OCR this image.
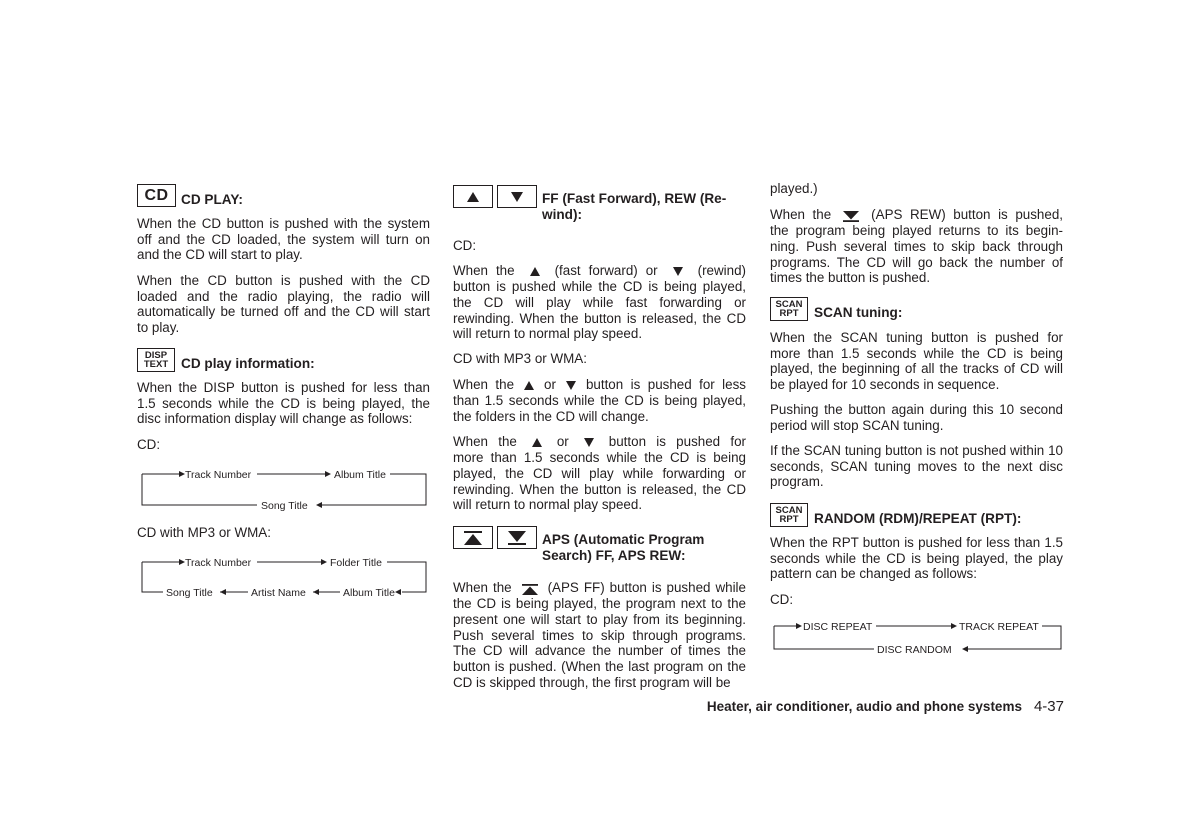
CD CD PLAY:

When the CD button is pushed with the system off and the CD loaded, the system will turn on and the CD will start to play.

When the CD button is pushed with the CD loaded and the radio playing, the radio will automatically be turned off and the CD will start to play.

DISP
TEXT CD play information:

When the DISP button is pushed for less than 1.5 seconds while the CD is being played, the disc information display will change as follows:

CD:

Track Number	Album Title
Song Title

CD with MP3 or WMA:

Track Number	Folder Title
Album Title
Artist Name
Song Title
FF (Fast Forward), REW (Re-
wind):

CD:

When the	(fast forward) or	(rewind) button is pushed while the CD is being played, the CD will play while fast forwarding or rewinding. When the button is released, the CD will return to normal play speed.

CD with MP3 or WMA:

When the or button is pushed for less than 1.5 seconds while the CD is being played, the folders in the CD will change.

When the	or	button is pushed for more than 1.5 seconds while the CD is being played, the CD will play while forwarding or rewinding. When the button is released, the CD will return to normal play speed.

APS (Automatic Program
Search) FF, APS REW:

When the	(APS FF) button is pushed while the CD is being played, the program next to the present one will start to play from its beginning. Push several times to skip through programs. The CD will advance the number of times the button is pushed. (When the last program on the CD is skipped through, the first program will be

played.)

When the	(APS REW) button is pushed, the program being played returns to its begin-ning. Push several times to skip back through programs. The CD will go back the number of times the button is pushed.

SCAN
RPT SCAN tuning:

When the SCAN tuning button is pushed for more than 1.5 seconds while the CD is being played, the beginning of all the tracks of CD will be played for 10 seconds in sequence.

Pushing the button again during this 10 second period will stop SCAN tuning.

If the SCAN tuning button is not pushed within 10 seconds, SCAN tuning moves to the next disc program.

SCAN
RPT RANDOM (RDM)/REPEAT (RPT):

When the RPT button is pushed for less than 1.5 seconds while the CD is being played, the play pattern can be changed as follows:

CD:

DISC REPEAT	TRACK REPEAT
DISC RANDOM
Heater, air conditioner, audio and phone systems 4-37
